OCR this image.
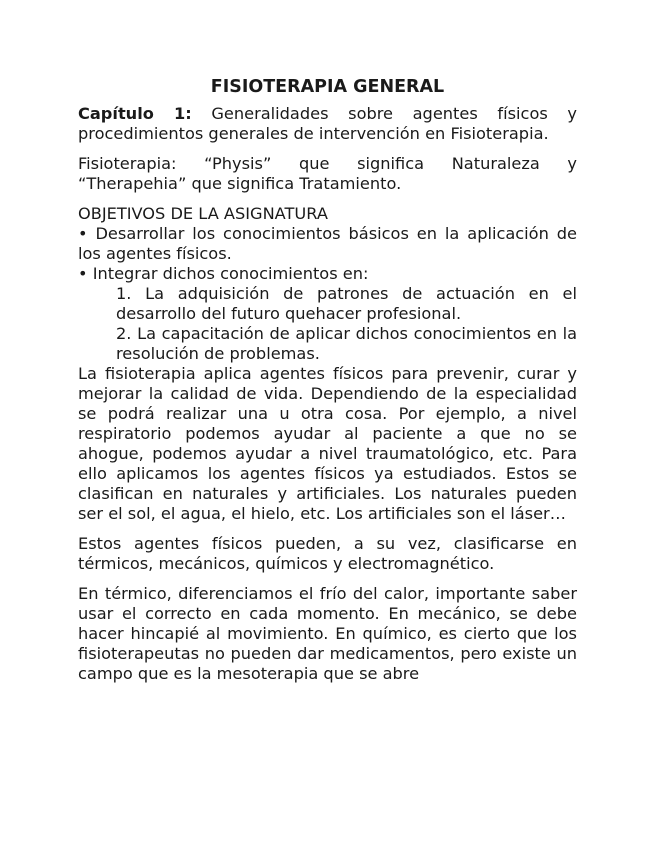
FISIOTERAPIA GENERAL

Capítulo 1: Generalidades sobre agentes físicos y procedimientos generales de intervención en Fisioterapia.

Fisioterapia: “Physis” que significa Naturaleza y “Therapehia” que significa Tratamiento.

OBJETIVOS DE LA ASIGNATURA

• Desarrollar los conocimientos básicos en la aplicación de los agentes físicos.

• Integrar dichos conocimientos en:

1. La adquisición de patrones de actuación en el desarrollo del futuro quehacer profesional.

2. La capacitación de aplicar dichos conocimientos en la resolución de problemas.

La fisioterapia aplica agentes físicos para prevenir, curar y mejorar la calidad de vida. Dependiendo de la especialidad se podrá realizar una u otra cosa. Por ejemplo, a nivel respiratorio podemos ayudar al paciente a que no se ahogue, podemos ayudar a nivel traumatológico, etc. Para ello aplicamos los agentes físicos ya estudiados. Estos se clasifican en naturales y artificiales. Los naturales pueden ser el sol, el agua, el hielo, etc. Los artificiales son el láser…

Estos agentes físicos pueden, a su vez, clasificarse en térmicos, mecánicos, químicos y electromagnético.

En térmico, diferenciamos el frío del calor, importante saber usar el correcto en cada momento. En mecánico, se debe hacer hincapié al movimiento. En químico, es cierto que los fisioterapeutas no pueden dar medicamentos, pero existe un campo que es la mesoterapia que se abre
